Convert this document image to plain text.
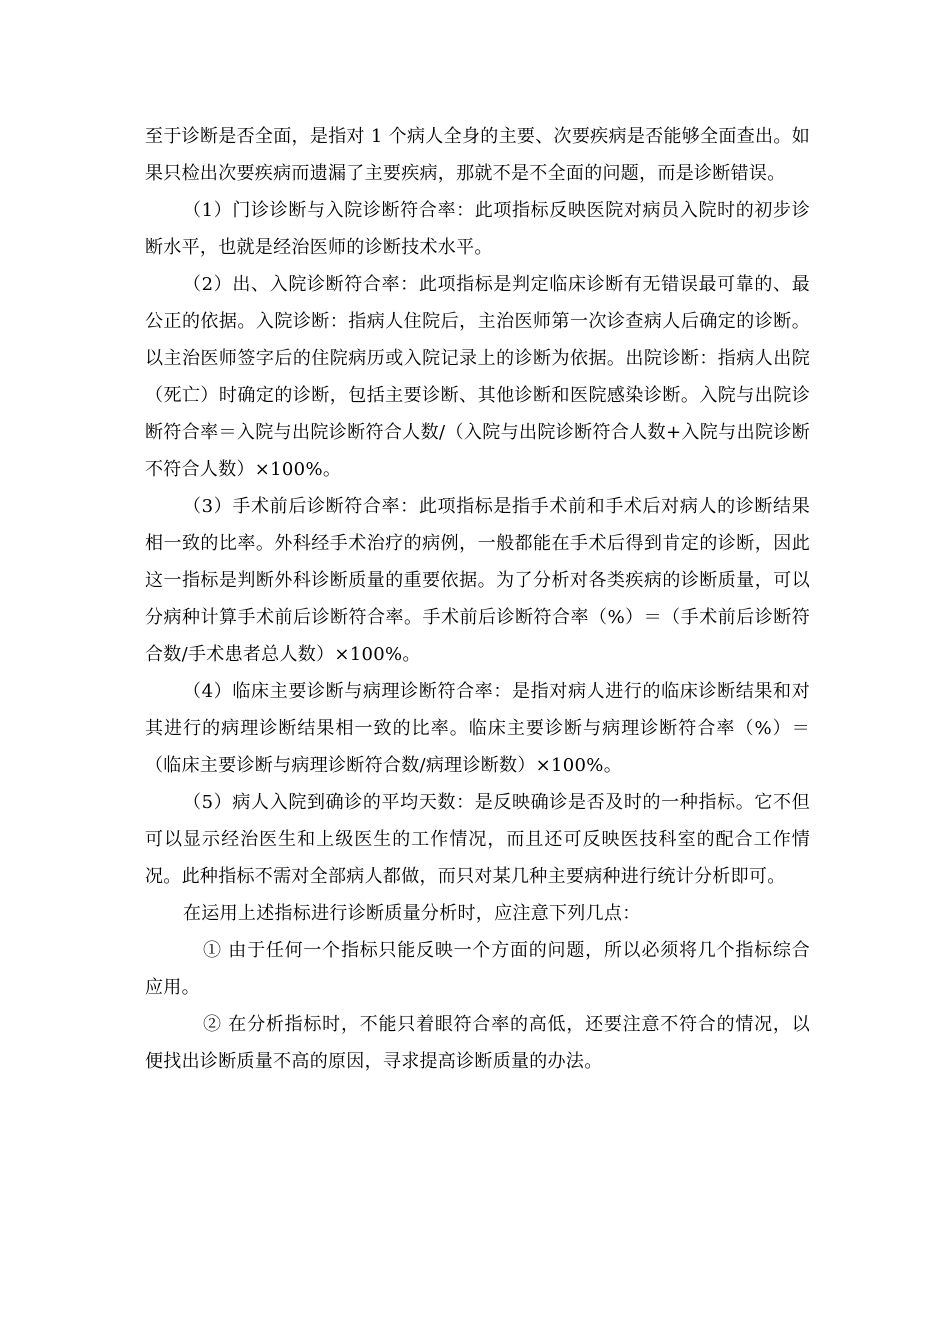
至于诊断是否全面，是指对 1 个病人全身的主要、次要疾病是否能够全面查出。如果只检出次要疾病而遗漏了主要疾病，那就不是不全面的问题，而是诊断错误。

（1）门诊诊断与入院诊断符合率：此项指标反映医院对病员入院时的初步诊断水平，也就是经治医师的诊断技术水平。

（2）出、入院诊断符合率：此项指标是判定临床诊断有无错误最可靠的、最公正的依据。入院诊断：指病人住院后，主治医师第一次诊查病人后确定的诊断。以主治医师签字后的住院病历或入院记录上的诊断为依据。出院诊断：指病人出院（死亡）时确定的诊断，包括主要诊断、其他诊断和医院感染诊断。入院与出院诊断符合率＝入院与出院诊断符合人数/（入院与出院诊断符合人数+入院与出院诊断不符合人数）×100%。

（3）手术前后诊断符合率：此项指标是指手术前和手术后对病人的诊断结果相一致的比率。外科经手术治疗的病例，一般都能在手术后得到肯定的诊断，因此这一指标是判断外科诊断质量的重要依据。为了分析对各类疾病的诊断质量，可以分病种计算手术前后诊断符合率。手术前后诊断符合率（%）＝（手术前后诊断符合数/手术患者总人数）×100%。

（4）临床主要诊断与病理诊断符合率：是指对病人进行的临床诊断结果和对其进行的病理诊断结果相一致的比率。临床主要诊断与病理诊断符合率（%）＝（临床主要诊断与病理诊断符合数/病理诊断数）×100%。

（5）病人入院到确诊的平均天数：是反映确诊是否及时的一种指标。它不但可以显示经治医生和上级医生的工作情况，而且还可反映医技科室的配合工作情况。此种指标不需对全部病人都做，而只对某几种主要病种进行统计分析即可。

在运用上述指标进行诊断质量分析时，应注意下列几点：

① 由于任何一个指标只能反映一个方面的问题，所以必须将几个指标综合应用。

② 在分析指标时，不能只着眼符合率的高低，还要注意不符合的情况，以便找出诊断质量不高的原因，寻求提高诊断质量的办法。
